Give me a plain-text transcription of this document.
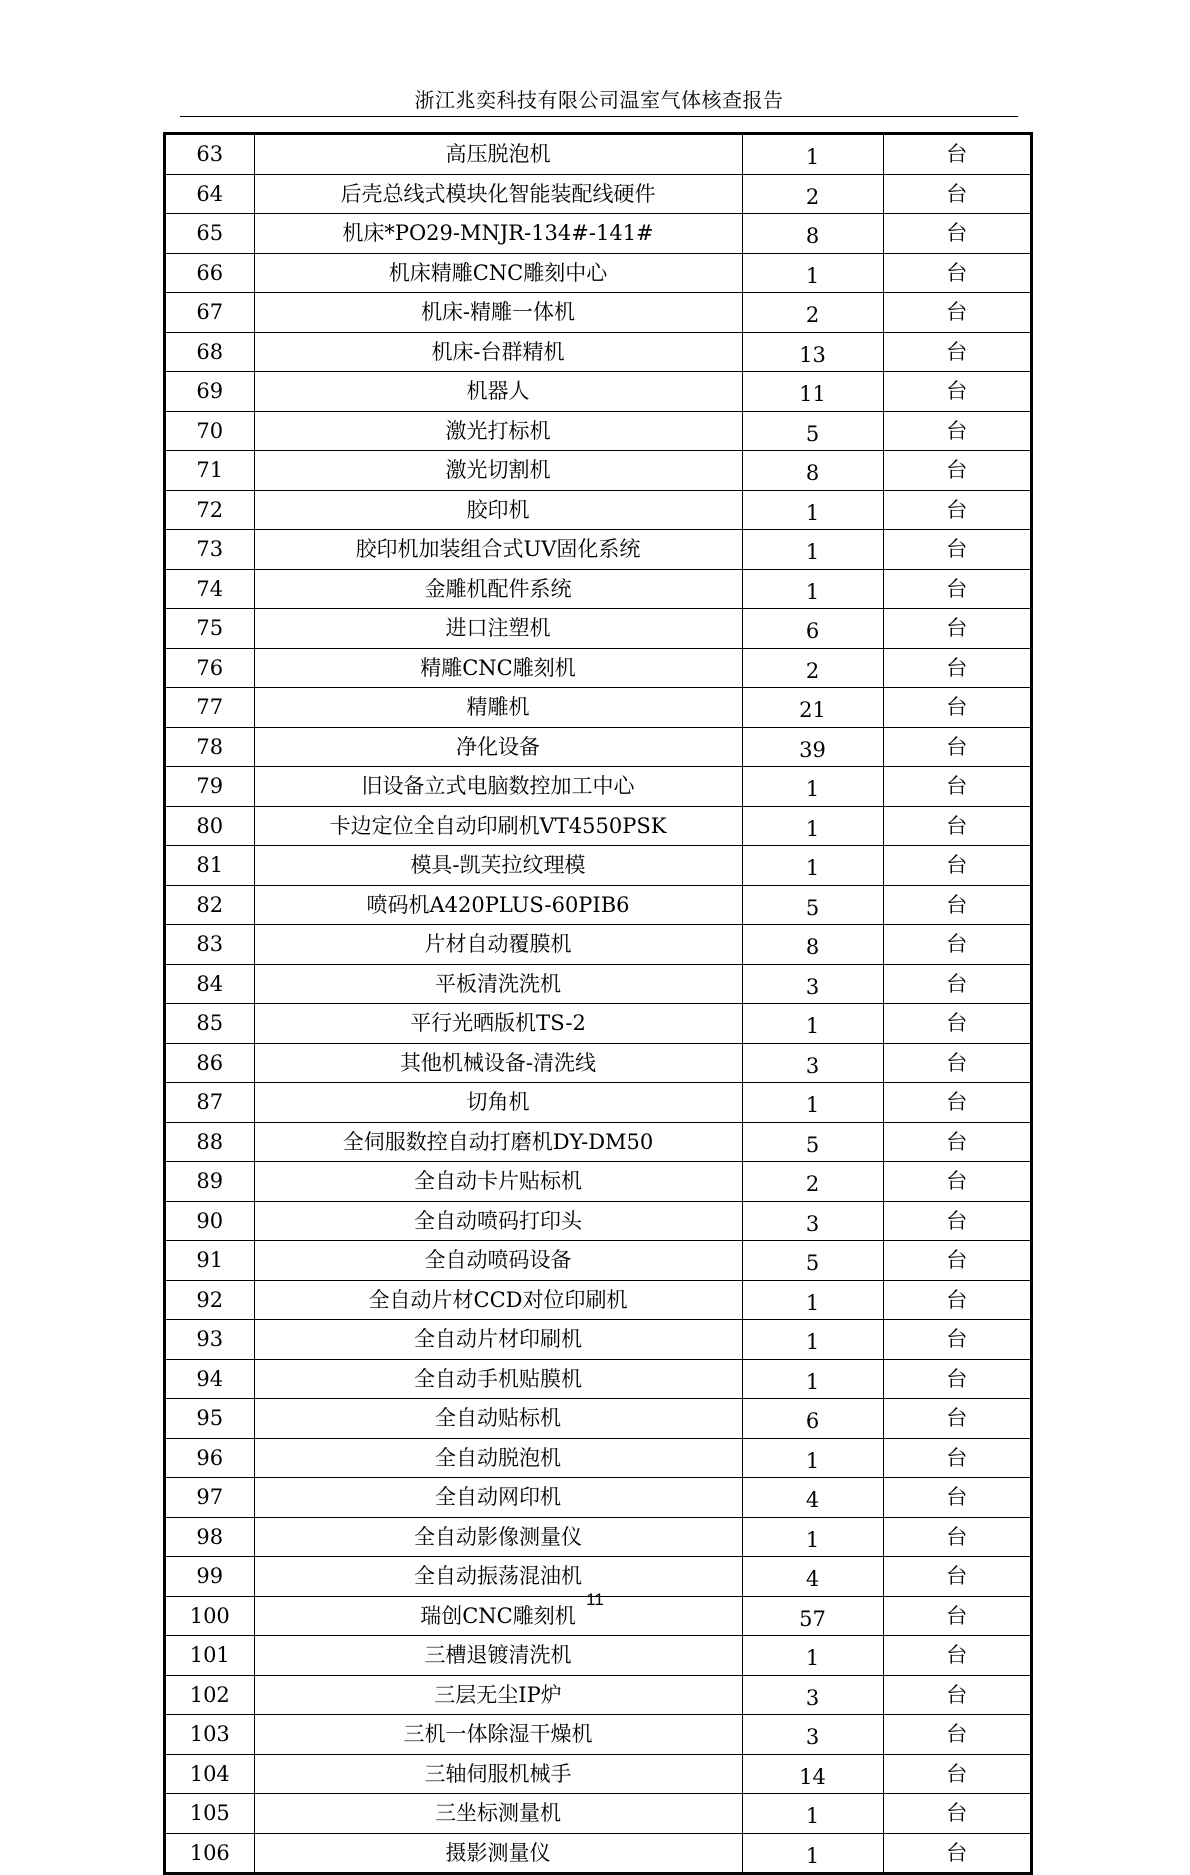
浙江兆奕科技有限公司温室气体核查报告
63	高压脱泡机	1	台
64	后壳总线式模块化智能装配线硬件	2	台
65	机床*PO29-MNJR-134#-141#	8	台
66	机床精雕CNC雕刻中心	1	台
67	机床-精雕一体机	2	台
68	机床-台群精机	13	台
69	机器人	11	台
70	激光打标机	5	台
71	激光切割机	8	台
72	胶印机	1	台
73	胶印机加装组合式UV固化系统	1	台
74	金雕机配件系统	1	台
75	进口注塑机	6	台
76	精雕CNC雕刻机	2	台
77	精雕机	21	台
78	净化设备	39	台
79	旧设备立式电脑数控加工中心	1	台
80	卡边定位全自动印刷机VT4550PSK	1	台
81	模具-凯芙拉纹理模	1	台
82	喷码机A420PLUS-60PIB6	5	台
83	片材自动覆膜机	8	台
84	平板清洗洗机	3	台
85	平行光晒版机TS-2	1	台
86	其他机械设备-清洗线	3	台
87	切角机	1	台
88	全伺服数控自动打磨机DY-DM50	5	台
89	全自动卡片贴标机	2	台
90	全自动喷码打印头	3	台
91	全自动喷码设备	5	台
92	全自动片材CCD对位印刷机	1	台
93	全自动片材印刷机	1	台
94	全自动手机贴膜机	1	台
95	全自动贴标机	6	台
96	全自动脱泡机	1	台
97	全自动网印机	4	台
98	全自动影像测量仪	1	台
99	全自动振荡混油机	4	台
100	瑞创CNC雕刻机	57	台
101	三槽退镀清洗机	1	台
102	三层无尘IP炉	3	台
103	三机一体除湿干燥机	3	台
104	三轴伺服机械手	14	台
105	三坐标测量机	1	台
106	摄影测量仪	1	台
11
